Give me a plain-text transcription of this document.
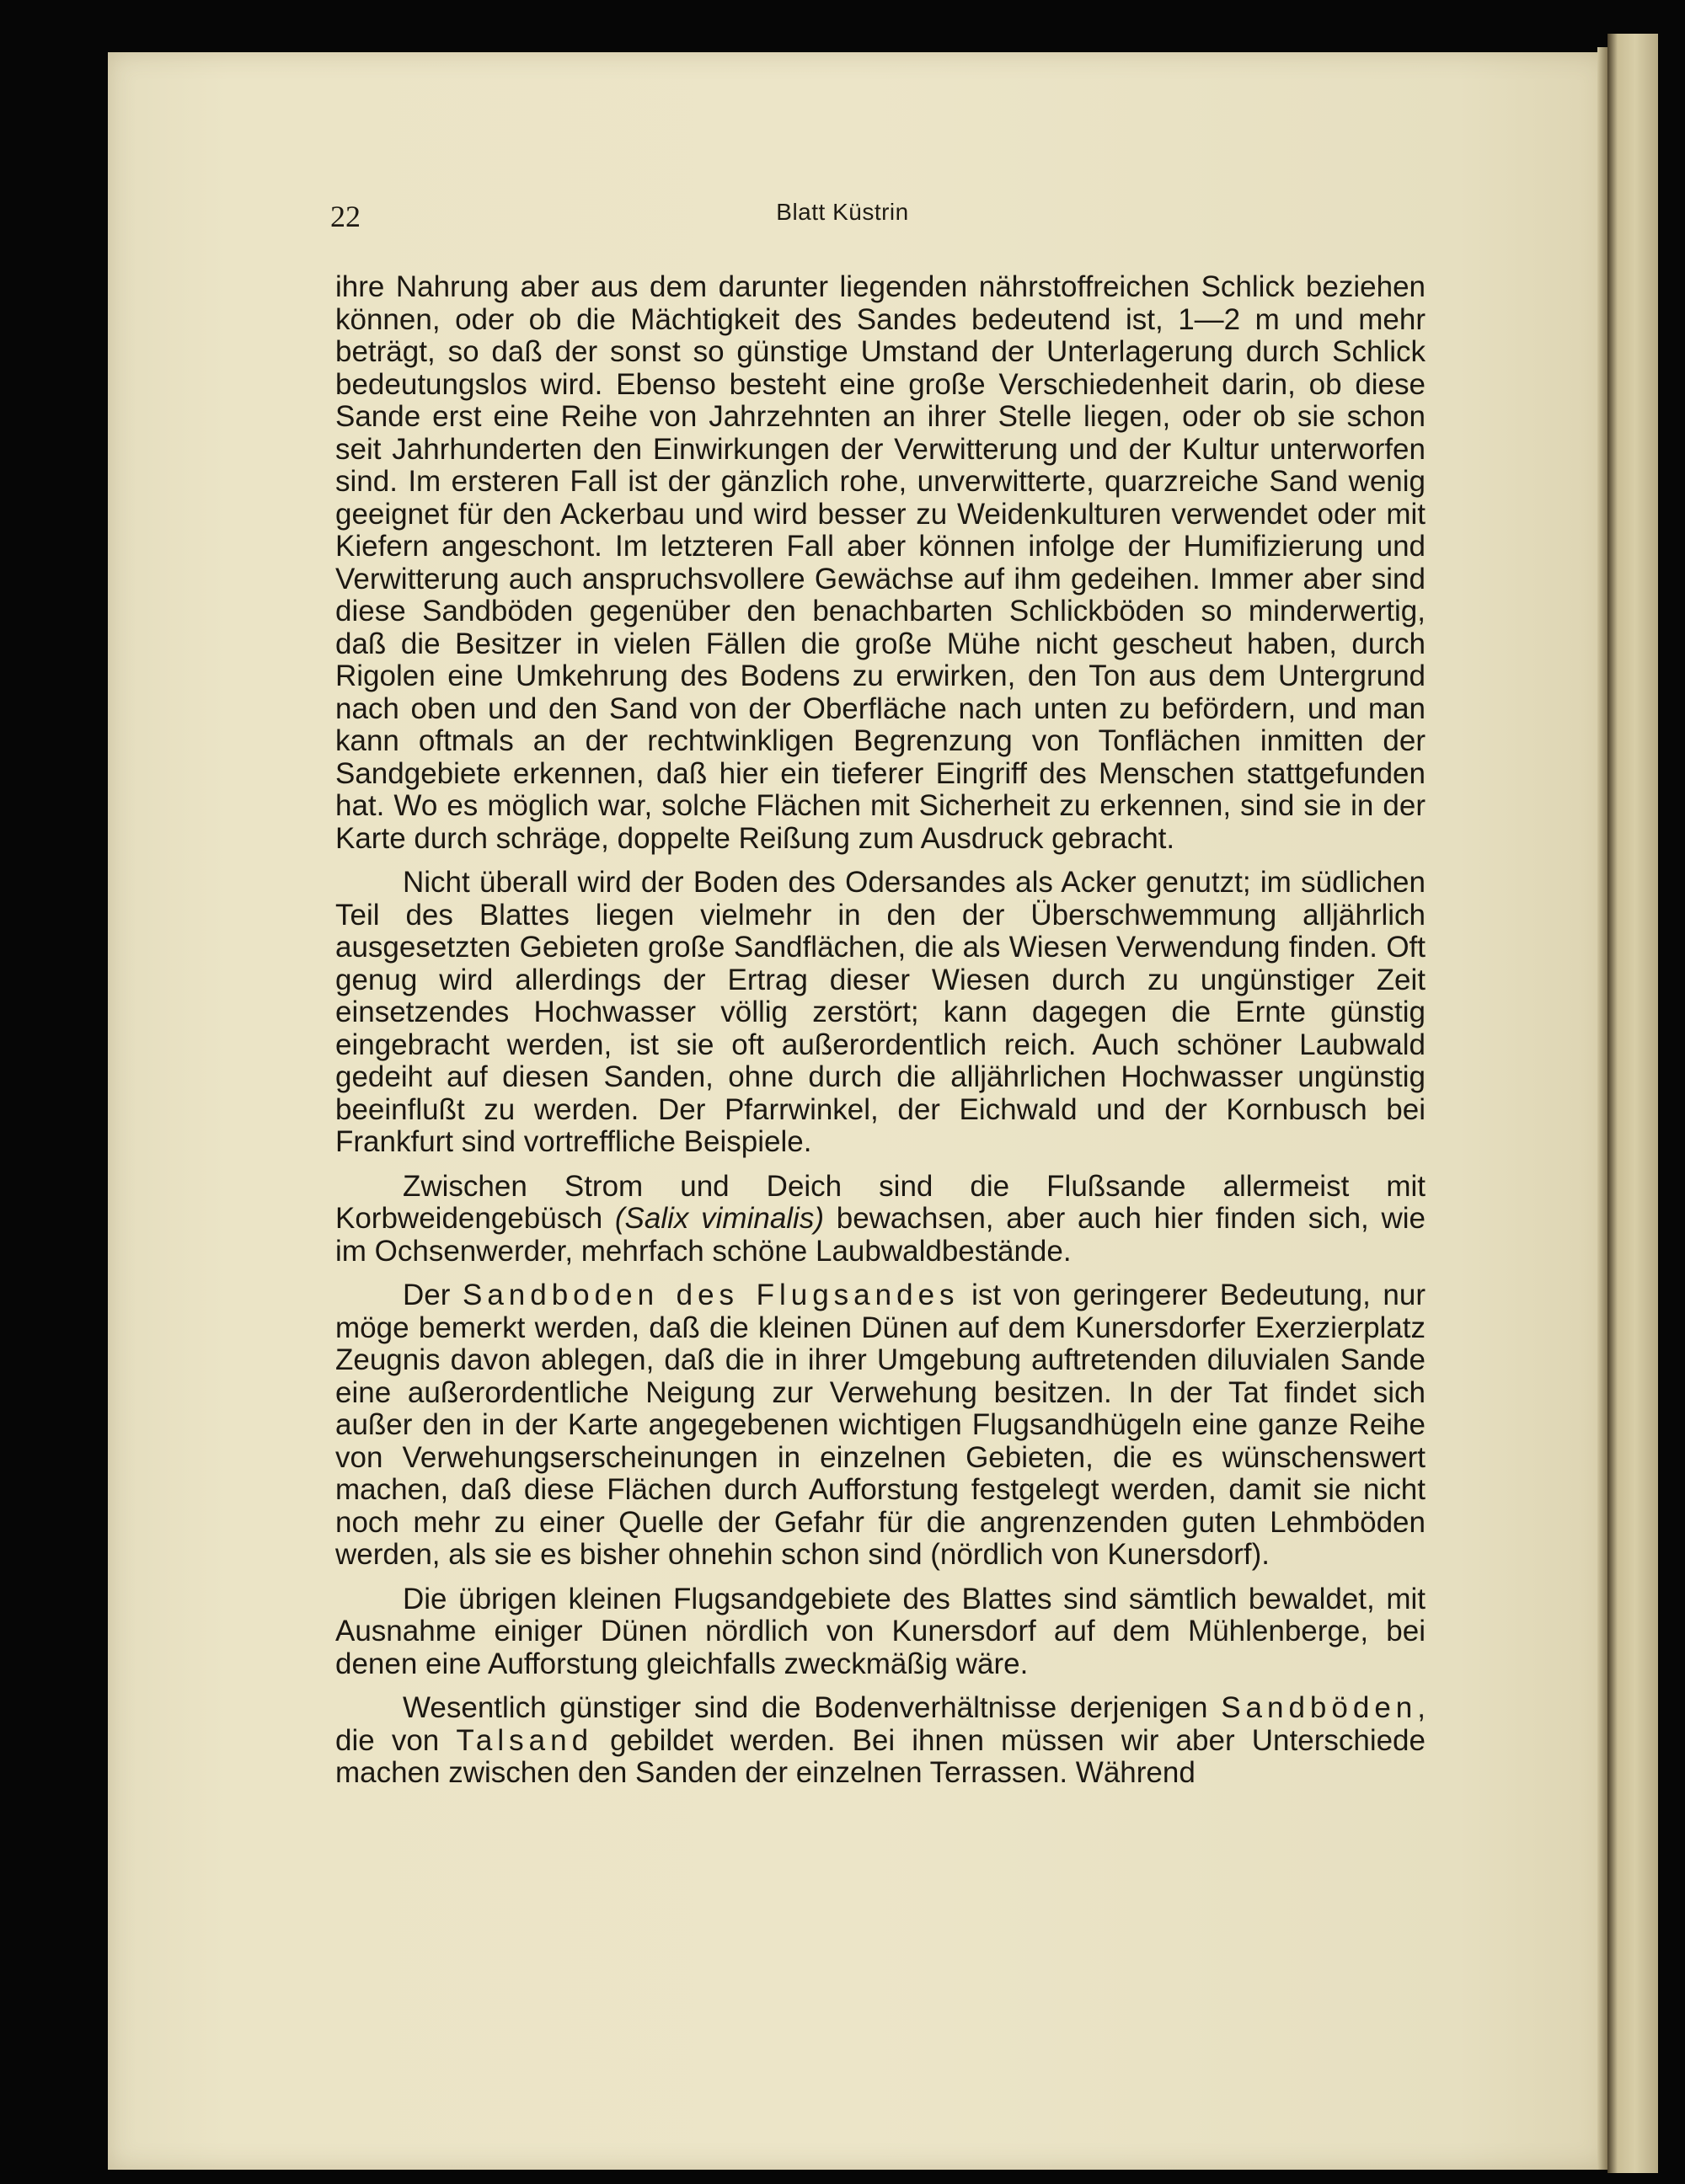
22	Blatt Küstrin

ihre Nahrung aber aus dem darunter liegenden nährstoffreichen Schlick beziehen können, oder ob die Mächtigkeit des Sandes bedeutend ist, 1—2 m und mehr beträgt, so daß der sonst so günstige Umstand der Unterlagerung durch Schlick bedeutungslos wird. Ebenso besteht eine große Verschiedenheit darin, ob diese Sande erst eine Reihe von Jahrzehnten an ihrer Stelle liegen, oder ob sie schon seit Jahrhunderten den Einwirkungen der Verwitterung und der Kultur unterworfen sind. Im ersteren Fall ist der gänzlich rohe, unverwitterte, quarzreiche Sand wenig geeignet für den Ackerbau und wird besser zu Weidenkulturen verwendet oder mit Kiefern angeschont. Im letzteren Fall aber können infolge der Humifizierung und Verwitterung auch anspruchsvollere Gewächse auf ihm gedeihen. Immer aber sind diese Sandböden gegenüber den benachbarten Schlickböden so minderwertig, daß die Besitzer in vielen Fällen die große Mühe nicht gescheut haben, durch Rigolen eine Umkehrung des Bodens zu erwirken, den Ton aus dem Untergrund nach oben und den Sand von der Oberfläche nach unten zu befördern, und man kann oftmals an der rechtwinkligen Begrenzung von Tonflächen inmitten der Sandgebiete erkennen, daß hier ein tieferer Eingriff des Menschen stattgefunden hat. Wo es möglich war, solche Flächen mit Sicherheit zu erkennen, sind sie in der Karte durch schräge, doppelte Reißung zum Ausdruck gebracht.

Nicht überall wird der Boden des Odersandes als Acker genutzt; im südlichen Teil des Blattes liegen vielmehr in den der Überschwemmung alljährlich ausgesetzten Gebieten große Sandflächen, die als Wiesen Verwendung finden. Oft genug wird allerdings der Ertrag dieser Wiesen durch zu ungünstiger Zeit einsetzendes Hochwasser völlig zerstört; kann dagegen die Ernte günstig eingebracht werden, ist sie oft außerordentlich reich. Auch schöner Laubwald gedeiht auf diesen Sanden, ohne durch die alljährlichen Hochwasser ungünstig beeinflußt zu werden. Der Pfarrwinkel, der Eichwald und der Kornbusch bei Frankfurt sind vortreffliche Beispiele.

Zwischen Strom und Deich sind die Flußsande allermeist mit Korbweidengebüsch (Salix viminalis) bewachsen, aber auch hier finden sich, wie im Ochsenwerder, mehrfach schöne Laubwaldbestände.

Der Sandboden des Flugsandes ist von geringerer Bedeutung, nur möge bemerkt werden, daß die kleinen Dünen auf dem Kunersdorfer Exerzierplatz Zeugnis davon ablegen, daß die in ihrer Umgebung auftretenden diluvialen Sande eine außerordentliche Neigung zur Verwehung besitzen. In der Tat findet sich außer den in der Karte angegebenen wichtigen Flugsandhügeln eine ganze Reihe von Verwehungserscheinungen in einzelnen Gebieten, die es wünschenswert machen, daß diese Flächen durch Aufforstung festgelegt werden, damit sie nicht noch mehr zu einer Quelle der Gefahr für die angrenzenden guten Lehmböden werden, als sie es bisher ohnehin schon sind (nördlich von Kunersdorf).

Die übrigen kleinen Flugsandgebiete des Blattes sind sämtlich bewaldet, mit Ausnahme einiger Dünen nördlich von Kunersdorf auf dem Mühlenberge, bei denen eine Aufforstung gleichfalls zweckmäßig wäre.

Wesentlich günstiger sind die Bodenverhältnisse derjenigen Sandböden, die von Talsand gebildet werden. Bei ihnen müssen wir aber Unterschiede machen zwischen den Sanden der einzelnen Terrassen. Während
